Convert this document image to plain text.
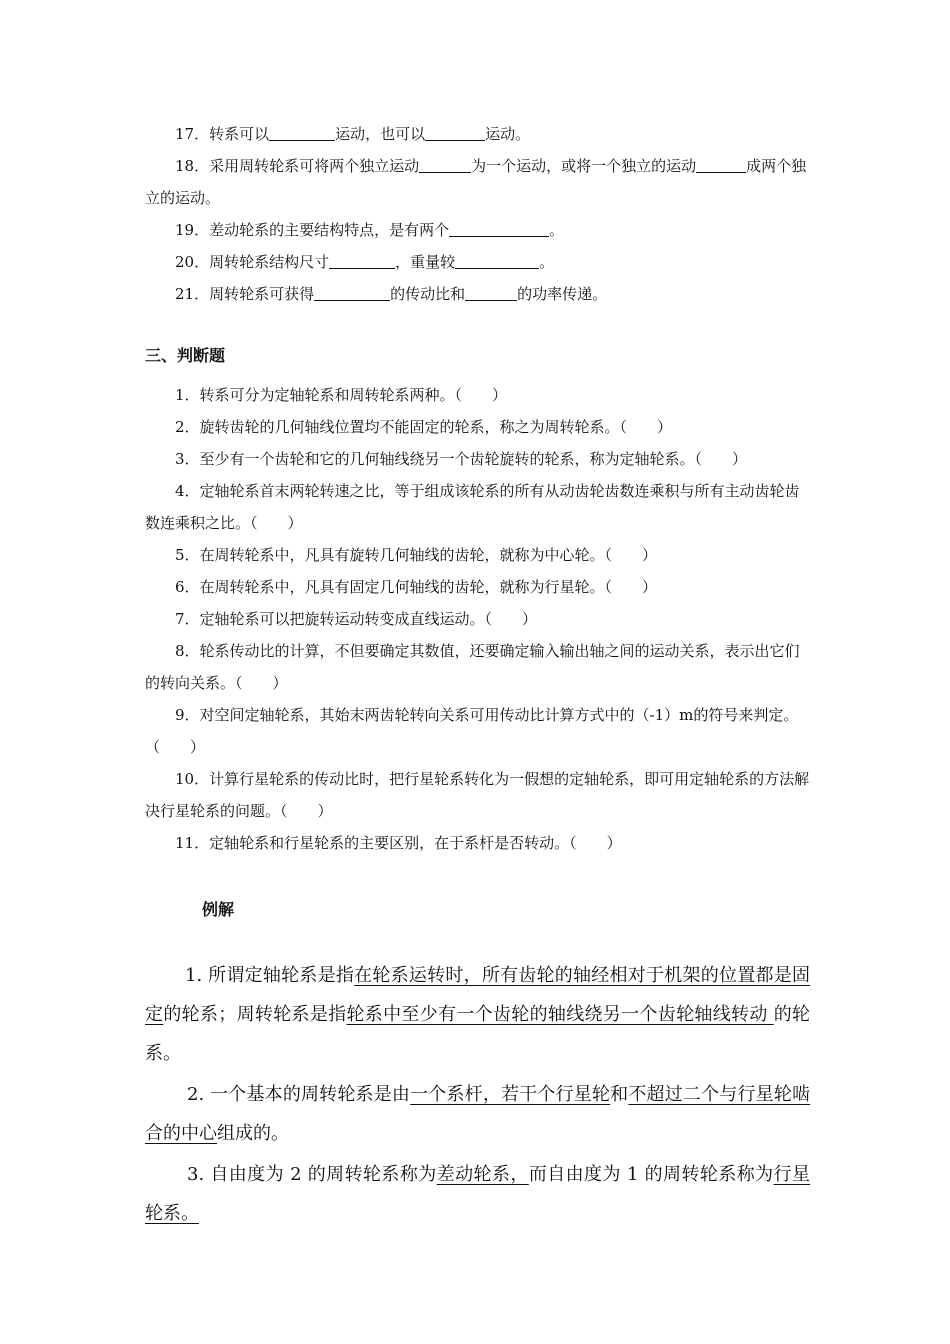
17．转系可以	运动，也可以	运动。

18．采用周转轮系可将两个独立运动	为一个运动，或将一个独立的运动	成两个独立的运动。

19．差动轮系的主要结构特点，是有两个	。

20．周转轮系结构尺寸	，重量较	。

21．周转轮系可获得	的传动比和	的功率传递。

三、判断题

1．转系可分为定轴轮系和周转轮系两种。（　　）

2．旋转齿轮的几何轴线位置均不能固定的轮系，称之为周转轮系。（　　）

3．至少有一个齿轮和它的几何轴线绕另一个齿轮旋转的轮系，称为定轴轮系。（　　）

4．定轴轮系首末两轮转速之比，等于组成该轮系的所有从动齿轮齿数连乘积与所有主动齿轮齿数连乘积之比。（　　）

5．在周转轮系中，凡具有旋转几何轴线的齿轮，就称为中心轮。（　　）

6．在周转轮系中，凡具有固定几何轴线的齿轮，就称为行星轮。（　　）

7．定轴轮系可以把旋转运动转变成直线运动。（　　）

8．轮系传动比的计算，不但要确定其数值，还要确定输入输出轴之间的运动关系，表示出它们的转向关系。（　　）

9．对空间定轴轮系，其始末两齿轮转向关系可用传动比计算方式中的（-1）m的符号来判定。（　　）

10．计算行星轮系的传动比时，把行星轮系转化为一假想的定轴轮系，即可用定轴轮系的方法解决行星轮系的问题。（　　）

11．定轴轮系和行星轮系的主要区别，在于系杆是否转动。（　　）

例解

1. 所谓定轴轮系是指在轮系运转时，所有齿轮的轴经相对于机架的位置都是固定的轮系；周转轮系是指轮系中至少有一个齿轮的轴线绕另一个齿轮轴线转动 的轮系。

2. 一个基本的周转轮系是由一个系杆，若干个行星轮和不超过二个与行星轮啮合的中心组成的。

3. 自由度为 2 的周转轮系称为差动轮系，而自由度为 1 的周转轮系称为行星轮系。
